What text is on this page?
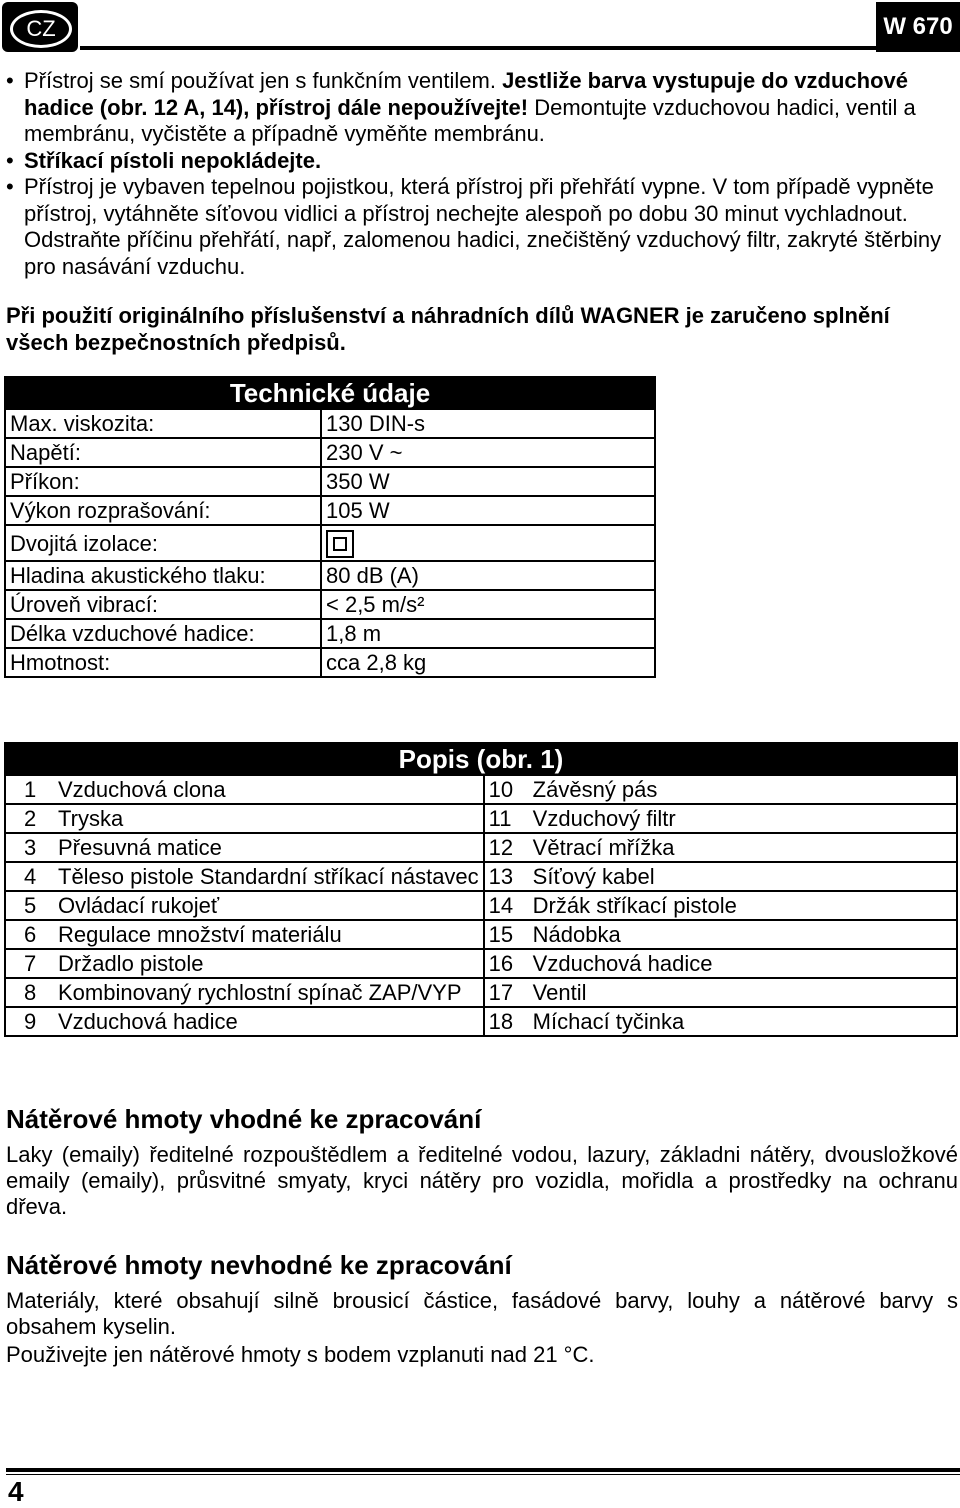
CZ	W 670
• Přístroj se smí používat jen s funkčním ventilem. Jestliže barva vystupuje do vzduchové hadice (obr. 12 A, 14), přístroj dále nepoužívejte! Demontujte vzduchovou hadici, ventil a membránu, vyčistěte a případně vyměňte membránu.
• Stříkací pístoli nepokládejte.
• Přístroj je vybaven tepelnou pojistkou, která přístroj při přehřátí vypne. V tom případě vypněte přístroj, vytáhněte síťovou vidlici a přístroj nechejte alespoň po dobu 30 minut vychladnout. Odstraňte příčinu přehřátí, např, zalomenou hadici, znečištěný vzduchový filtr, zakryté štěrbiny pro nasávání vzduchu.
Při použití originálního příslušenství a náhradních dílů WAGNER je zaručeno splnění všech bezpečnostních předpisů.
Technické údaje	
Max. viskozita:	130 DIN-s
Napětí:	230 V ~
Příkon:	350 W
Výkon rozprašování:	105 W
Dvojitá izolace:	

Hladina akustického tlaku:	80 dB (A)
Úroveň vibrací:	< 2,5 m/s²
Délka vzduchové hadice:	1,8 m
Hmotnost:	cca 2,8 kg
Popis (obr. 1)	
1 Vzduchová clona	10 Závěsný pás
2 Tryska	11 Vzduchový filtr
3 Přesuvná matice	12 Větrací mřížka
4 Těleso pistole Standardní stříkací nástavec	13 Síťový kabel
5 Ovládací rukojeť	14 Držák stříkací pistole
6 Regulace množství materiálu	15 Nádobka
7 Držadlo pistole	16 Vzduchová hadice
8 Kombinovaný rychlostní spínač ZAP/VYP	17 Ventil
9 Vzduchová hadice	18 Míchací tyčinka
Nátěrové hmoty vhodné ke zpracování
Laky (emaily) ředitelné rozpouštědlem a ředitelné vodou, lazury, základni nátěry, dvousložkové emaily (emaily), průsvitné smyaty, kryci nátěry pro vozidla, mořidla a prostředky na ochranu dřeva.
Nátěrové hmoty nevhodné ke zpracování
Materiály, které obsahují silně brousicí částice, fasádové barvy, louhy a nátěrové barvy s obsahem kyselin.
Použivejte jen nátěrové hmoty s bodem vzplanuti nad 21 °C.
4
